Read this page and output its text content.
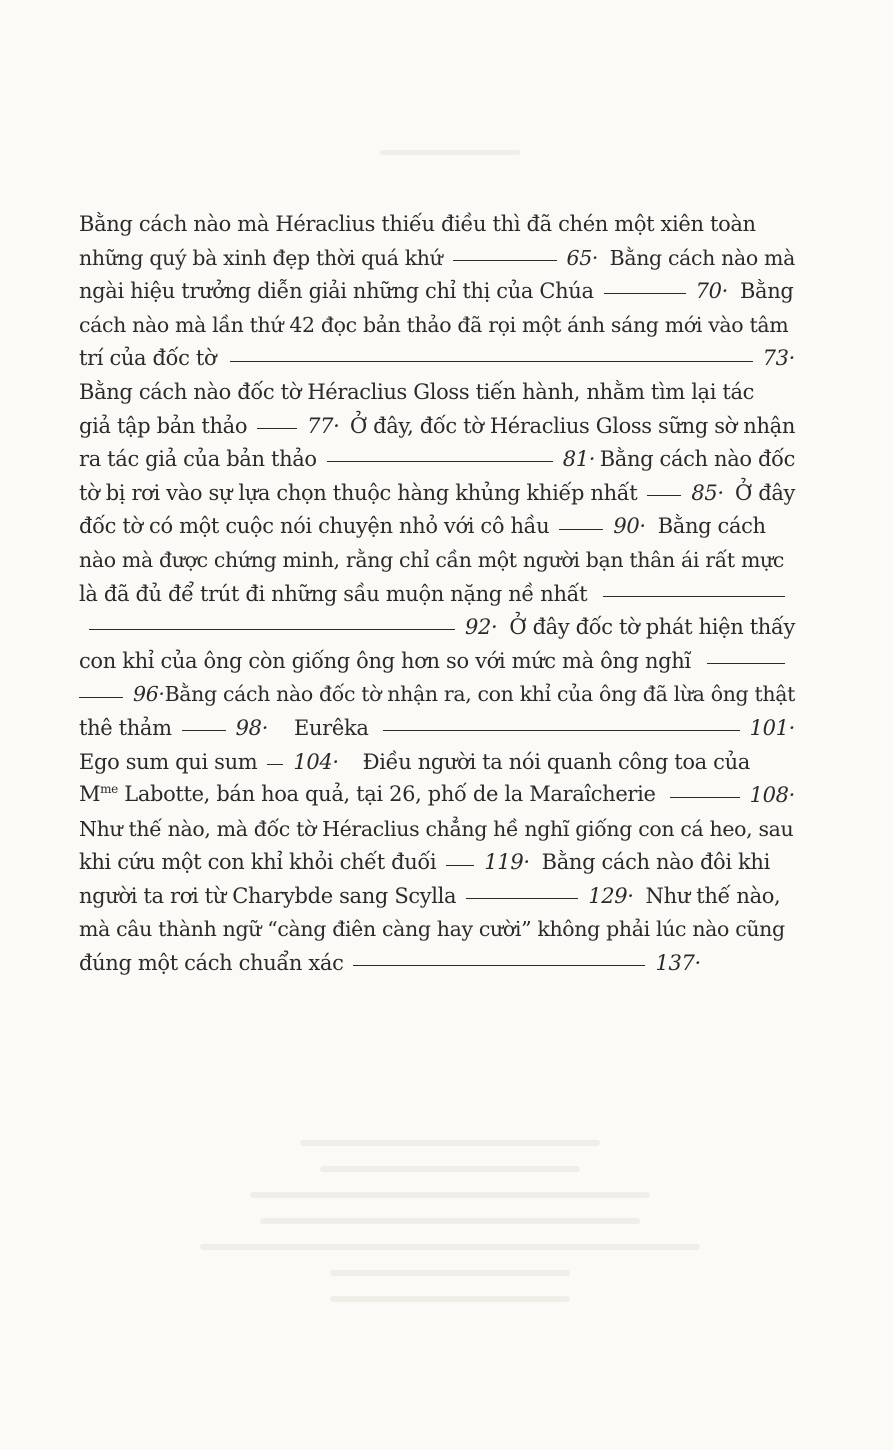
Bằng cách nào mà Héraclius thiếu điều thì đã chén một xiên toàn
những quý bà xinh đẹp thời quá khứ	65· Bằng cách nào mà
ngài hiệu trưởng diễn giải những chỉ thị của Chúa	70· Bằng
cách nào mà lần thứ 42 đọc bản thảo đã rọi một ánh sáng mới vào tâm
trí của đốc tờ	73·
Bằng cách nào đốc tờ Héraclius Gloss tiến hành, nhằm tìm lại tác
giả tập bản thảo	77· Ở đây, đốc tờ Héraclius Gloss sững sờ nhận
ra tác giả của bản thảo	81· Bằng cách nào đốc
tờ bị rơi vào sự lựa chọn thuộc hàng khủng khiếp nhất	85· Ở đây
đốc tờ có một cuộc nói chuyện nhỏ với cô hầu	90· Bằng cách
nào mà được chứng minh, rằng chỉ cần một người bạn thân ái rất mực
là đã đủ để trút đi những sầu muộn nặng nề nhất
92· Ở đây đốc tờ phát hiện thấy
con khỉ của ông còn giống ông hơn so với mức mà ông nghĩ
96· Bằng cách nào đốc tờ nhận ra, con khỉ của ông đã lừa ông thật
thê thảm	98· Eurêka	101·
Ego sum qui sum 104· Điều người ta nói quanh công toa của
$M^{me}$ Labotte, bán hoa quả, tại 26, phố de la Maraîcherie	108·
Như thế nào, mà đốc tờ Héraclius chẳng hề nghĩ giống con cá heo, sau
khi cứu một con khỉ khỏi chết đuối 119· Bằng cách nào đôi khi
người ta rơi từ Charybde sang Scylla	129· Như thế nào,
mà câu thành ngữ “càng điên càng hay cười” không phải lúc nào cũng
đúng một cách chuẩn xác	137·
